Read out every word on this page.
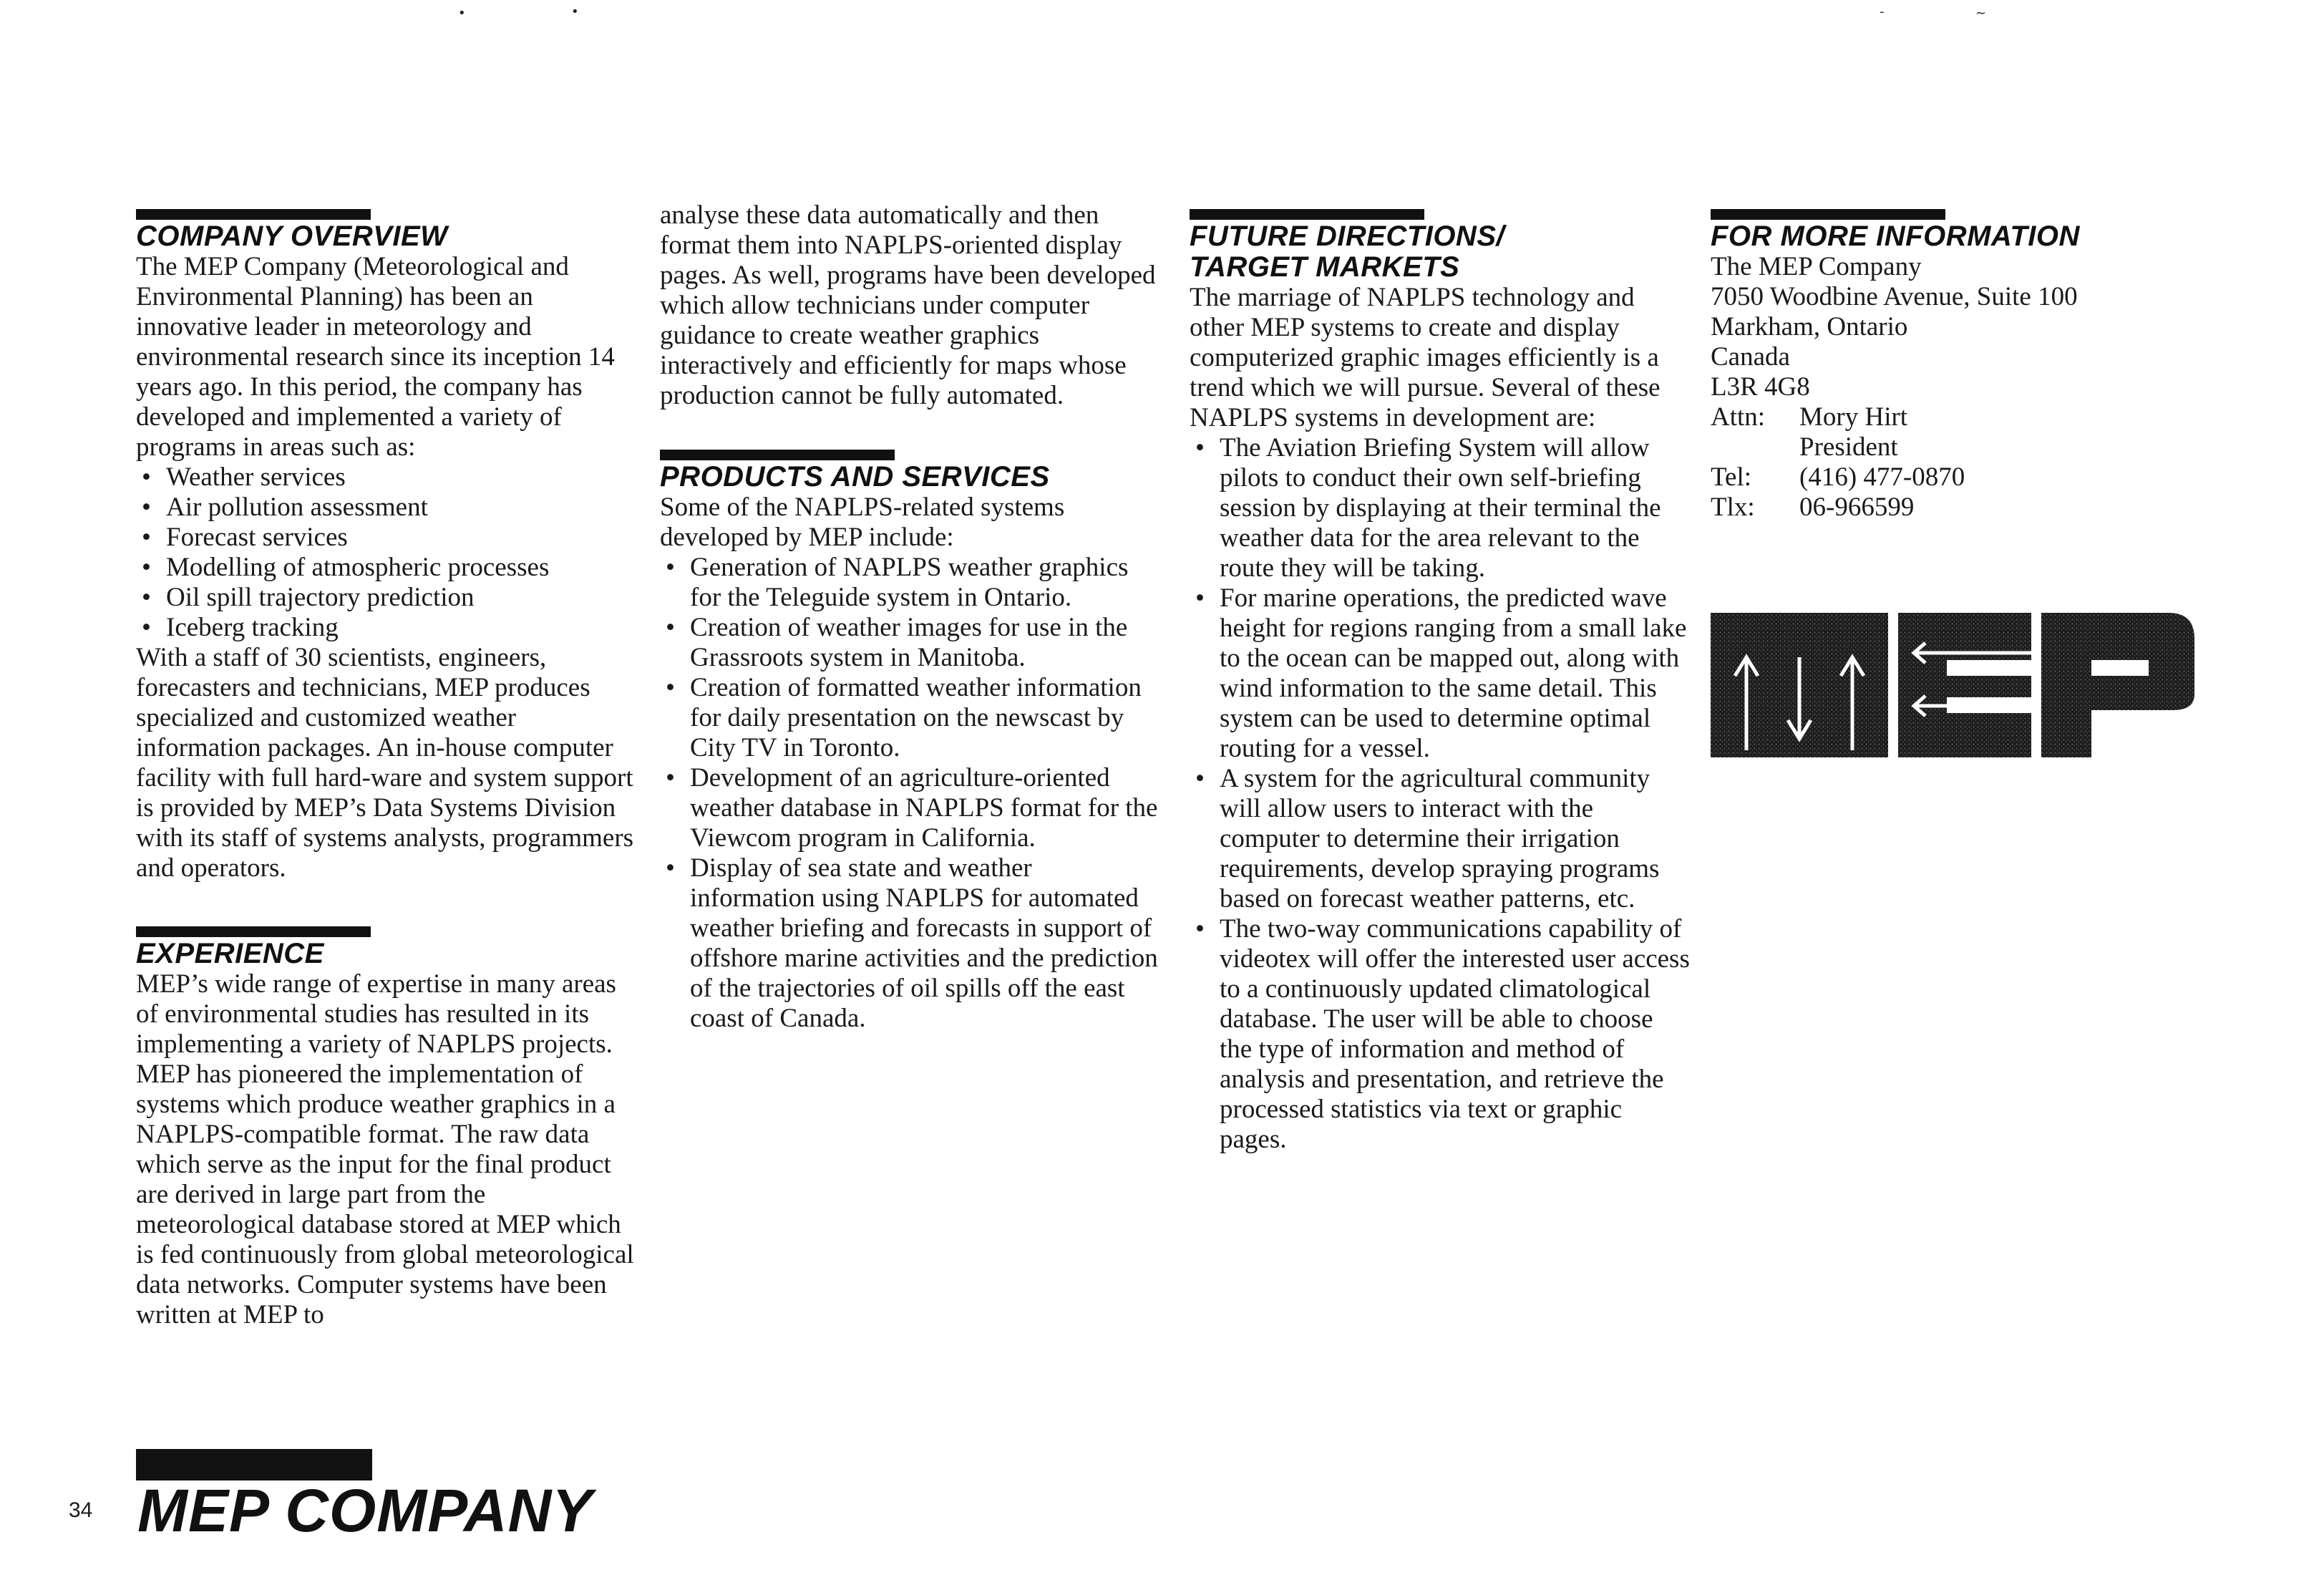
•	•	-	~
COMPANY OVERVIEW

The MEP Company (Meteorological and Environmental Planning) has been an innovative leader in meteorology and environmental research since its inception 14 years ago. In this period, the company has developed and implemented a variety of programs in areas such as:

• Weather services
• Air pollution assessment
• Forecast services
• Modelling of atmospheric processes
• Oil spill trajectory prediction
• Iceberg tracking

With a staff of 30 scientists, engineers, forecasters and technicians, MEP produces specialized and customized weather information packages. An in-house computer facility with full hard-ware and system support is provided by MEP’s Data Systems Division with its staff of systems analysts, programmers and operators.

EXPERIENCE

MEP’s wide range of expertise in many areas of environmental studies has resulted in its implementing a variety of NAPLPS projects. MEP has pioneered the implementation of systems which produce weather graphics in a NAPLPS-compatible format. The raw data which serve as the input for the final product are derived in large part from the meteorological database stored at MEP which is fed continuously from global meteorological data networks. Computer systems have been written at MEP to

analyse these data automatically and then format them into NAPLPS-oriented display pages. As well, programs have been developed which allow technicians under computer guidance to create weather graphics interactively and efficiently for maps whose production cannot be fully automated.

PRODUCTS AND SERVICES

Some of the NAPLPS-related systems developed by MEP include:

• Generation of NAPLPS weather graphics for the Teleguide system in Ontario.
• Creation of weather images for use in the Grassroots system in Manitoba.
• Creation of formatted weather information for daily presentation on the newscast by City TV in Toronto.
• Development of an agriculture-oriented weather database in NAPLPS format for the Viewcom program in California.
• Display of sea state and weather information using NAPLPS for automated weather briefing and forecasts in support of offshore marine activities and the prediction of the trajectories of oil spills off the east coast of Canada.
FUTURE DIRECTIONS/
TARGET MARKETS

The marriage of NAPLPS technology and other MEP systems to create and display computerized graphic images efficiently is a trend which we will pursue. Several of these NAPLPS systems in development are:

• The Aviation Briefing System will allow pilots to conduct their own self-briefing session by displaying at their terminal the weather data for the area relevant to the route they will be taking.
• For marine operations, the predicted wave height for regions ranging from a small lake to the ocean can be mapped out, along with wind information to the same detail. This system can be used to determine optimal routing for a vessel.
• A system for the agricultural community will allow users to interact with the computer to determine their irrigation requirements, develop spraying programs based on forecast weather patterns, etc.
• The two-way communications capability of videotex will offer the interested user access to a continuously updated climatological database. The user will be able to choose the type of information and method of analysis and presentation, and retrieve the processed statistics via text or graphic pages.
FOR MORE INFORMATION

The MEP Company

7050 Woodbine Avenue, Suite 100

Markham, Ontario

Canada

L3R 4G8

Attn:	Mory Hirt
	President
Tel:	(416) 477-0870
Tlx:	06-966599
34 MEP COMPANY
